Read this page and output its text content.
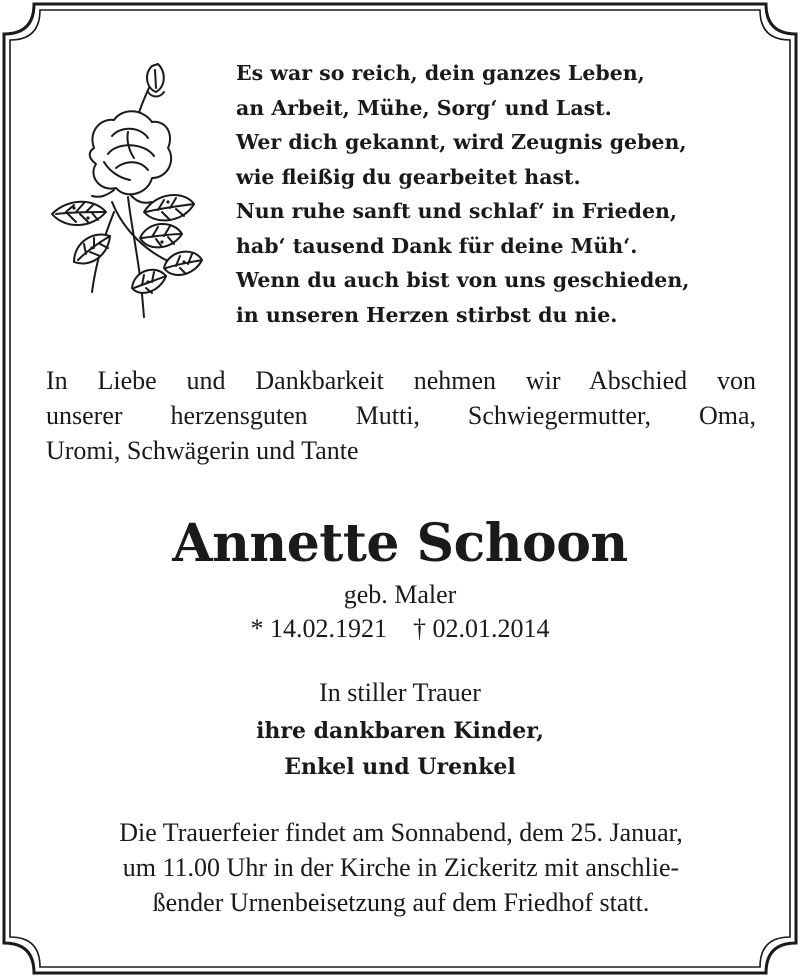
Es war so reich, dein ganzes Leben,
an Arbeit, Mühe, Sorg‘ und Last.
Wer dich gekannt, wird Zeugnis geben,
wie fleißig du gearbeitet hast.
Nun ruhe sanft und schlaf‘ in Frieden,
hab‘ tausend Dank für deine Müh‘.
Wenn du auch bist von uns geschieden,
in unseren Herzen stirbst du nie.
In Liebe und Dankbarkeit nehmen wir Abschied von
unserer herzensguten Mutti, Schwiegermutter, Oma,
Uromi, Schwägerin und Tante
Annette Schoon
geb. Maler
* 14.02.1921 † 02.01.2014
In stiller Trauer
ihre dankbaren Kinder,
Enkel und Urenkel
Die Trauerfeier findet am Sonnabend, dem 25. Januar,
um 11.00 Uhr in der Kirche in Zickeritz mit anschlie-
ßender Urnenbeisetzung auf dem Friedhof statt.
